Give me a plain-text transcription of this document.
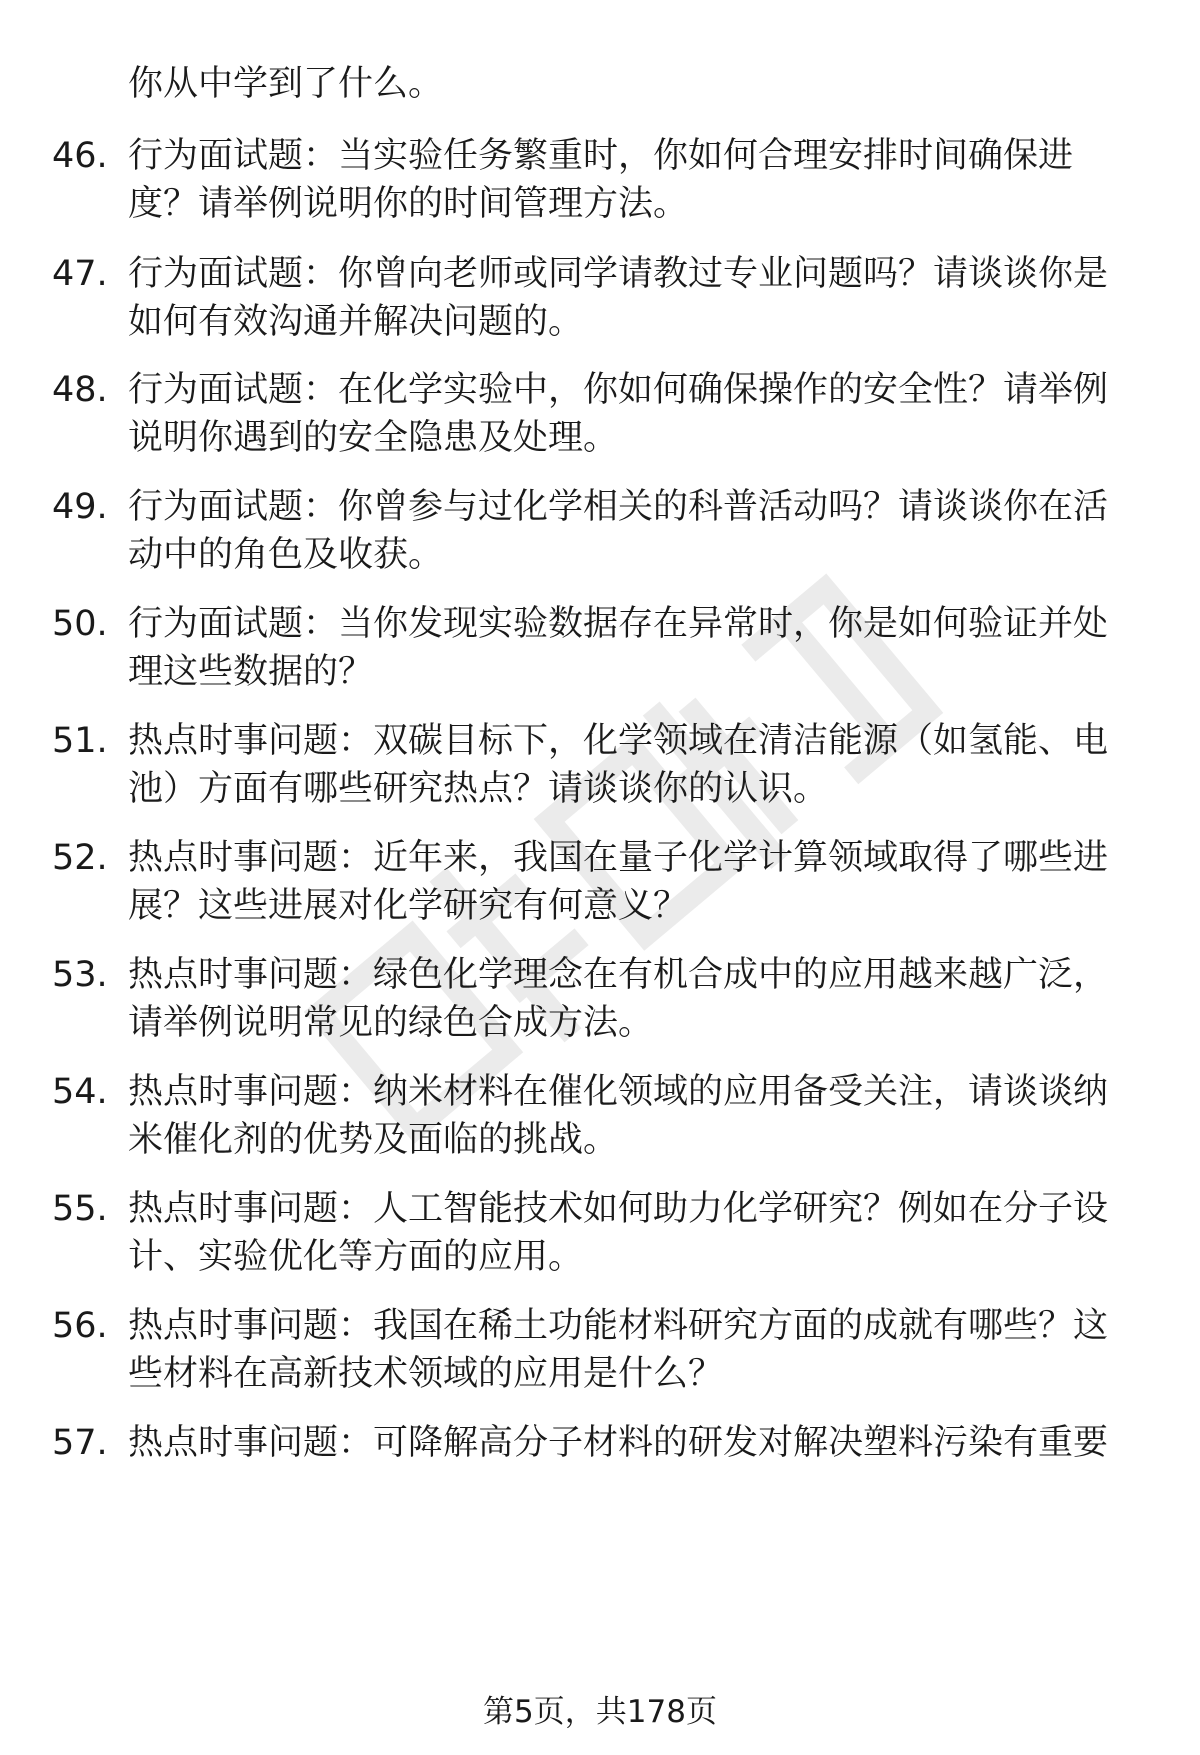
你从中学到了什么。
46. 行为面试题：当实验任务繁重时，你如何合理安排时间确保进度？请举例说明你的时间管理方法。
47. 行为面试题：你曾向老师或同学请教过专业问题吗？请谈谈你是如何有效沟通并解决问题的。
48. 行为面试题：在化学实验中，你如何确保操作的安全性？请举例说明你遇到的安全隐患及处理。
49. 行为面试题：你曾参与过化学相关的科普活动吗？请谈谈你在活动中的角色及收获。
50. 行为面试题：当你发现实验数据存在异常时，你是如何验证并处理这些数据的？
51. 热点时事问题：双碳目标下，化学领域在清洁能源（如氢能、电池）方面有哪些研究热点？请谈谈你的认识。
52. 热点时事问题：近年来，我国在量子化学计算领域取得了哪些进展？这些进展对化学研究有何意义？
53. 热点时事问题：绿色化学理念在有机合成中的应用越来越广泛，请举例说明常见的绿色合成方法。
54. 热点时事问题：纳米材料在催化领域的应用备受关注，请谈谈纳米催化剂的优势及面临的挑战。
55. 热点时事问题：人工智能技术如何助力化学研究？例如在分子设计、实验优化等方面的应用。
56. 热点时事问题：我国在稀土功能材料研究方面的成就有哪些？这些材料在高新技术领域的应用是什么？
57. 热点时事问题：可降解高分子材料的研发对解决塑料污染有重要
第5页，共178页
